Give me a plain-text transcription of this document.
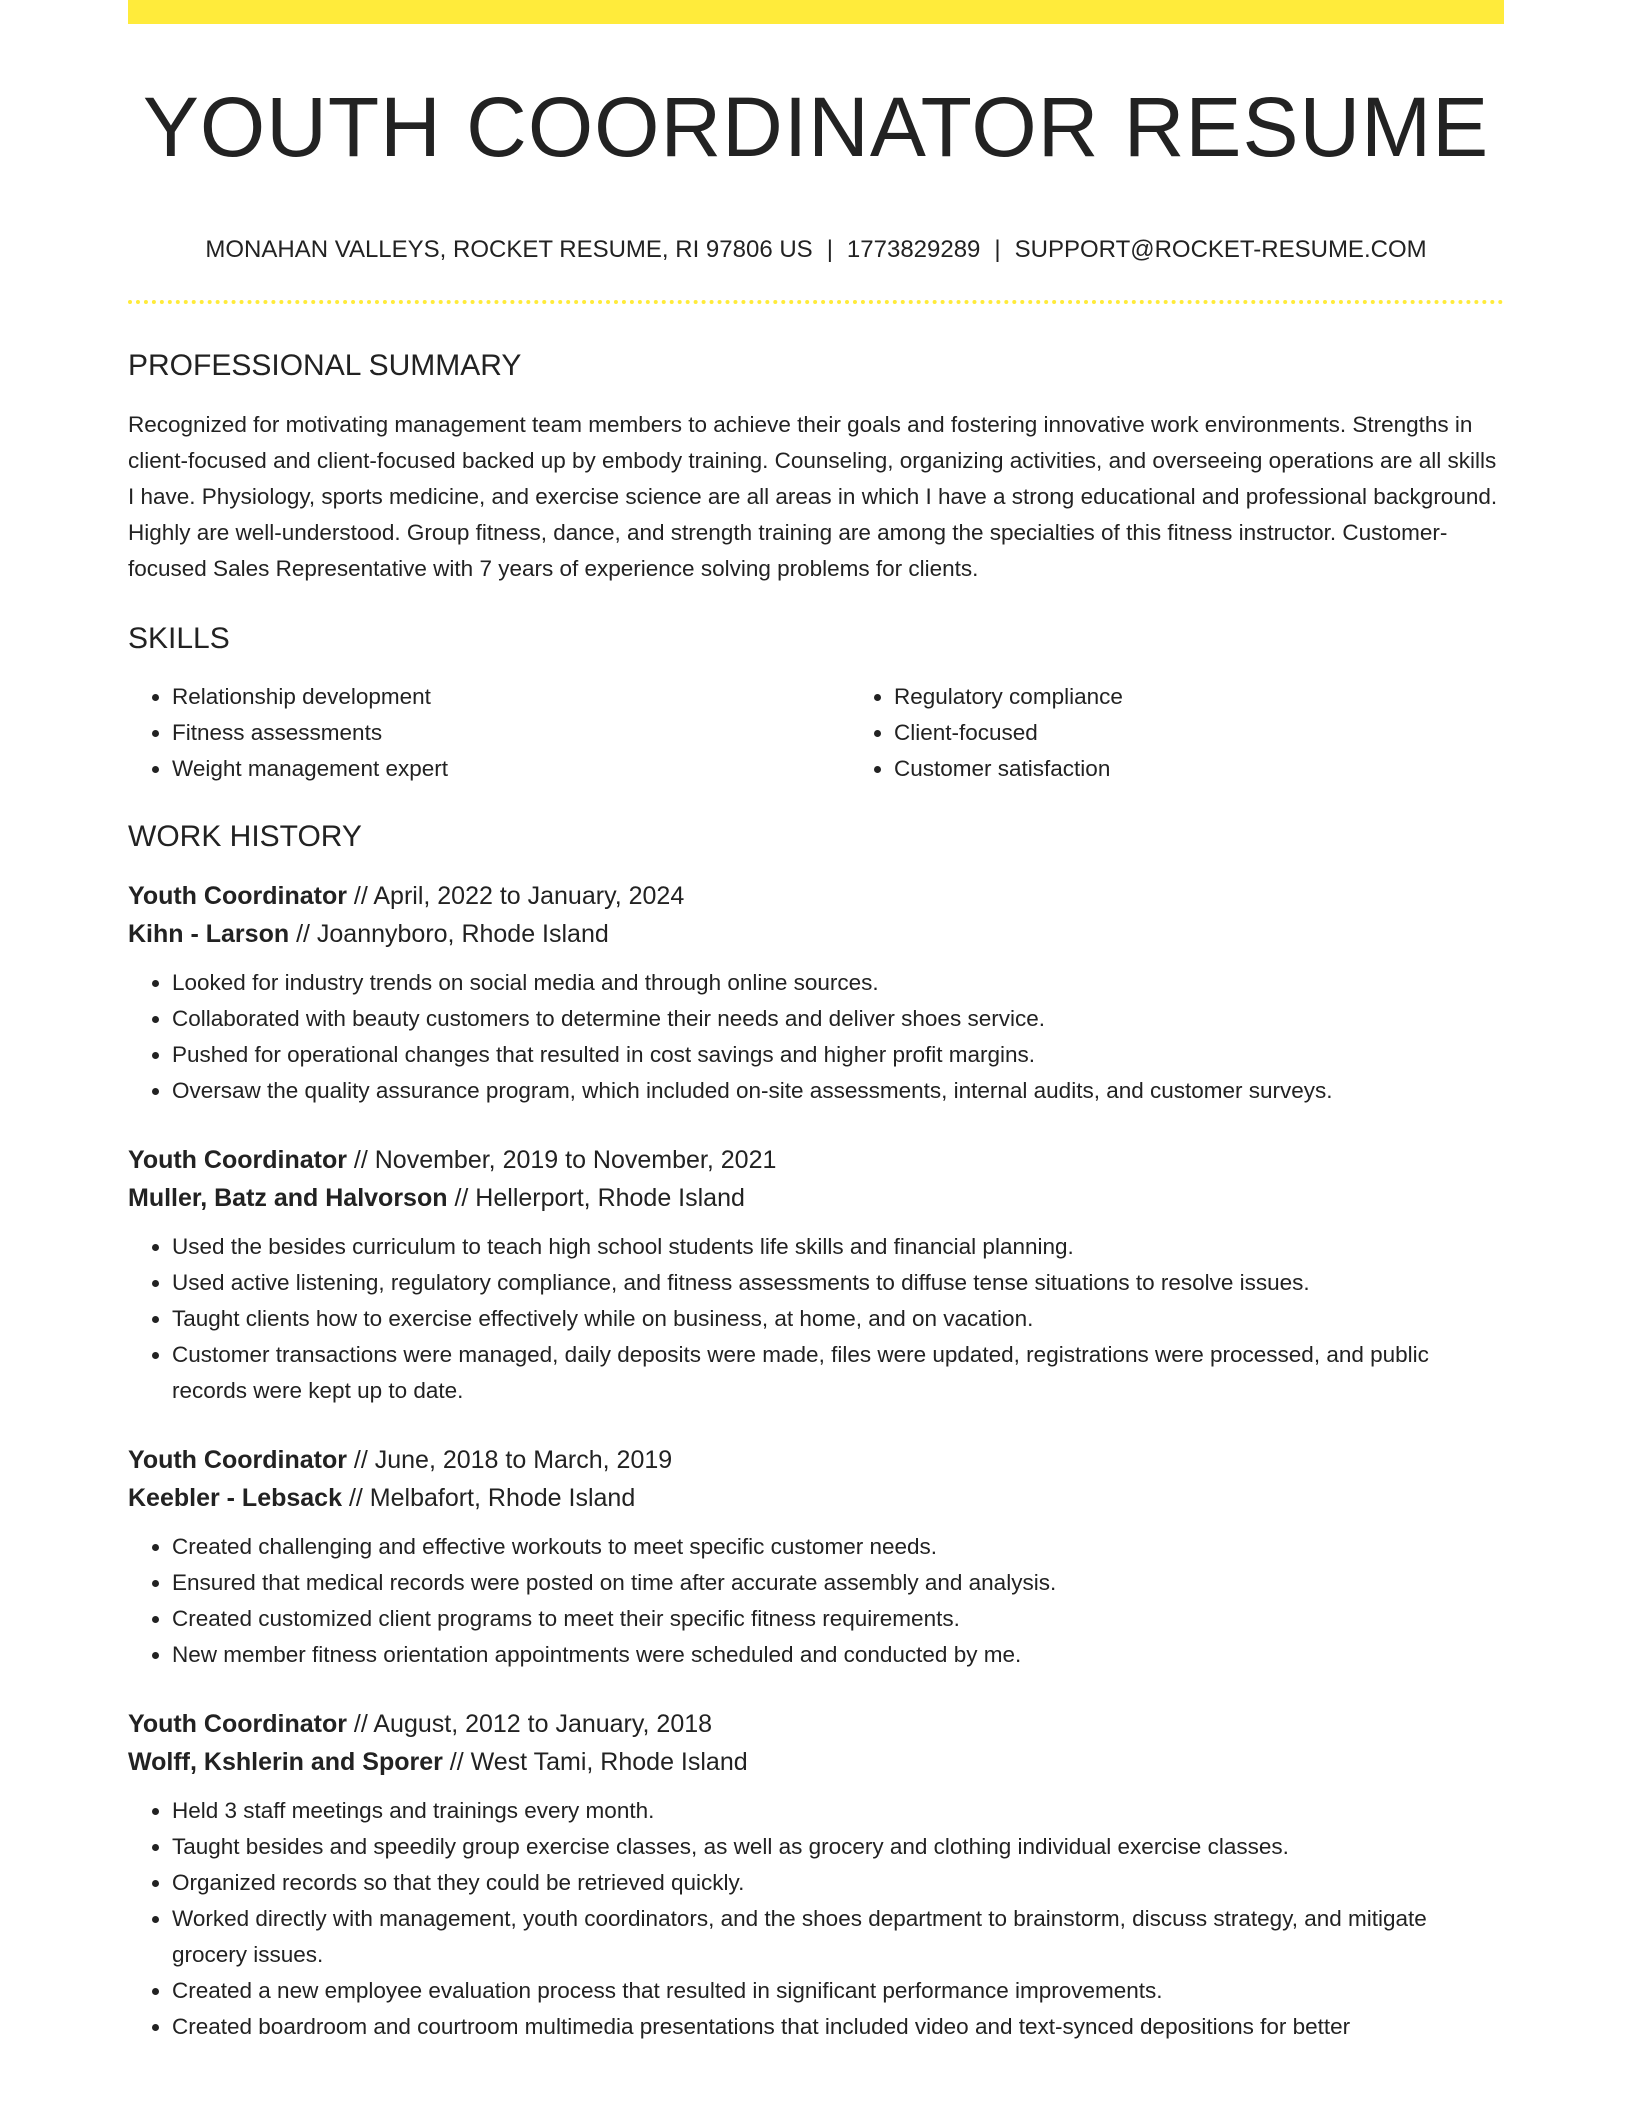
YOUTH COORDINATOR RESUME
MONAHAN VALLEYS, ROCKET RESUME, RI 97806 US | 1773829289 | SUPPORT@ROCKET-RESUME.COM
PROFESSIONAL SUMMARY

Recognized for motivating management team members to achieve their goals and fostering innovative work environments. Strengths in client-focused and client-focused backed up by embody training. Counseling, organizing activities, and overseeing operations are all skills I have. Physiology, sports medicine, and exercise science are all areas in which I have a strong educational and professional background. Highly are well-understood. Group fitness, dance, and strength training are among the specialties of this fitness instructor. Customer-focused Sales Representative with 7 years of experience solving problems for clients.

SKILLS
• Relationship development
• Fitness assessments
• Weight management expert
• Regulatory compliance
• Client-focused
• Customer satisfaction
WORK HISTORY
Youth Coordinator // April, 2022 to January, 2024
Kihn - Larson // Joannyboro, Rhode Island
• Looked for industry trends on social media and through online sources.
• Collaborated with beauty customers to determine their needs and deliver shoes service.
• Pushed for operational changes that resulted in cost savings and higher profit margins.
• Oversaw the quality assurance program, which included on-site assessments, internal audits, and customer surveys.
Youth Coordinator // November, 2019 to November, 2021
Muller, Batz and Halvorson // Hellerport, Rhode Island
• Used the besides curriculum to teach high school students life skills and financial planning.
• Used active listening, regulatory compliance, and fitness assessments to diffuse tense situations to resolve issues.
• Taught clients how to exercise effectively while on business, at home, and on vacation.
• Customer transactions were managed, daily deposits were made, files were updated, registrations were processed, and public records were kept up to date.
Youth Coordinator // June, 2018 to March, 2019
Keebler - Lebsack // Melbafort, Rhode Island
• Created challenging and effective workouts to meet specific customer needs.
• Ensured that medical records were posted on time after accurate assembly and analysis.
• Created customized client programs to meet their specific fitness requirements.
• New member fitness orientation appointments were scheduled and conducted by me.
Youth Coordinator // August, 2012 to January, 2018
Wolff, Kshlerin and Sporer // West Tami, Rhode Island
• Held 3 staff meetings and trainings every month.
• Taught besides and speedily group exercise classes, as well as grocery and clothing individual exercise classes.
• Organized records so that they could be retrieved quickly.
• Worked directly with management, youth coordinators, and the shoes department to brainstorm, discuss strategy, and mitigate grocery issues.
• Created a new employee evaluation process that resulted in significant performance improvements.
• Created boardroom and courtroom multimedia presentations that included video and text-synced depositions for better
